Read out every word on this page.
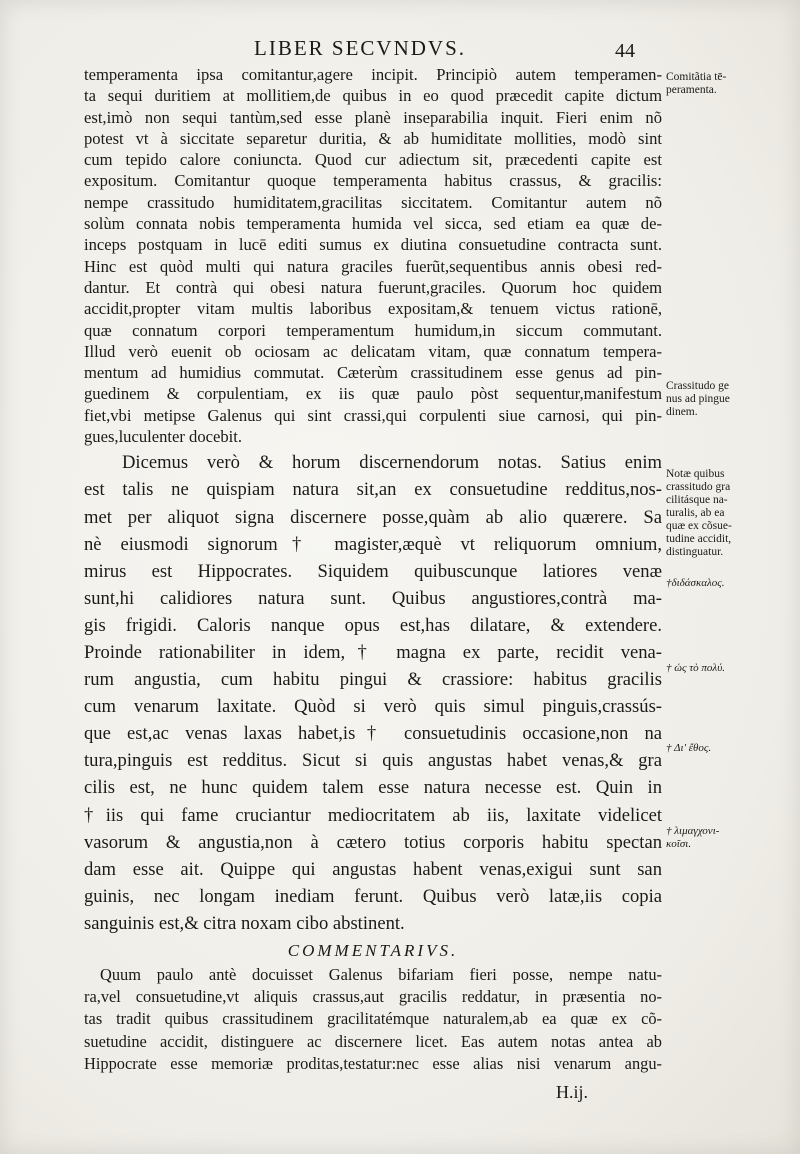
LIBER SECVNDVS.	44
temperamenta ipsa comitantur,agere incipit. Principiò autem temperamen-
ta sequi duritiem at mollitiem,de quibus in eo quod præcedit capite dictum
est,imò non sequi tantùm,sed esse planè inseparabilia inquit. Fieri enim nõ
potest vt à siccitate separetur duritia, & ab humiditate mollities, modò sint
cum tepido calore coniuncta. Quod cur adiectum sit, præcedenti capite est
expositum. Comitantur quoque temperamenta habitus crassus, & gracilis:
nempe crassitudo humiditatem,gracilitas siccitatem. Comitantur autem nõ
solùm connata nobis temperamenta humida vel sicca, sed etiam ea quæ de-
inceps postquam in lucē editi sumus ex diutina consuetudine contracta sunt.
Hinc est quòd multi qui natura graciles fuerũt,sequentibus annis obesi red-
dantur. Et contrà qui obesi natura fuerunt,graciles. Quorum hoc quidem
accidit,propter vitam multis laboribus expositam,& tenuem victus rationē,
quæ connatum corpori temperamentum humidum,in siccum commutant.
Illud verò euenit ob ociosam ac delicatam vitam, quæ connatum tempera-
mentum ad humidius commutat. Cæterùm crassitudinem esse genus ad pin-
guedinem & corpulentiam, ex iis quæ paulo pòst sequentur,manifestum
fiet,vbi metipse Galenus qui sint crassi,qui corpulenti siue carnosi, qui pin-
gues,luculenter docebit.
Dicemus verò & horum discernendorum notas. Satius enim
est talis ne quispiam natura sit,an ex consuetudine redditus,nos-
met per aliquot signa discernere posse,quàm ab alio quærere. Sa
nè eiusmodi signorum† magister,æquè vt reliquorum omnium,
mirus est Hippocrates. Siquidem quibuscunque latiores venæ
sunt,hi calidiores natura sunt. Quibus angustiores,contrà ma-
gis frigidi. Caloris nanque opus est,has dilatare, & extendere.
Proinde rationabiliter in idem,† magna ex parte, recidit vena-
rum angustia, cum habitu pingui & crassiore: habitus gracilis
cum venarum laxitate. Quòd si verò quis simul pinguis,crassús-
que est,ac venas laxas habet,is† consuetudinis occasione,non na
tura,pinguis est redditus. Sicut si quis angustas habet venas,& gra
cilis est, ne hunc quidem talem esse natura necesse est. Quin in
†iis qui fame cruciantur mediocritatem ab iis, laxitate videlicet
vasorum & angustia,non à cætero totius corporis habitu spectan
dam esse ait. Quippe qui angustas habent venas,exigui sunt san
guinis, nec longam inediam ferunt. Quibus verò latæ,iis copia
sanguinis est,& citra noxam cibo abstinent.
COMMENTARIVS.
Quum paulo antè docuisset Galenus bifariam fieri posse, nempe natu-
ra,vel consuetudine,vt aliquis crassus,aut gracilis reddatur, in præsentia no-
tas tradit quibus crassitudinem gracilitatémque naturalem,ab ea quæ ex cõ-
suetudine accidit, distinguere ac discernere licet. Eas autem notas antea ab
Hippocrate esse memoriæ proditas,testatur:nec esse alias nisi venarum angu-
H.ij.
Comitãtia tē-
peramenta.
Crassitudo ge
nus ad pingue
dinem.
Notæ quibus
crassitudo gra
cilitásque na-
turalis, ab ea
quæ ex cõsue-
tudine accidit,
distinguatur.
†διδάσκαλος.
† ὡς τὸ πολύ.
† Δι' ἔθος.
† λιμαγχονι-
κοῖσι.
